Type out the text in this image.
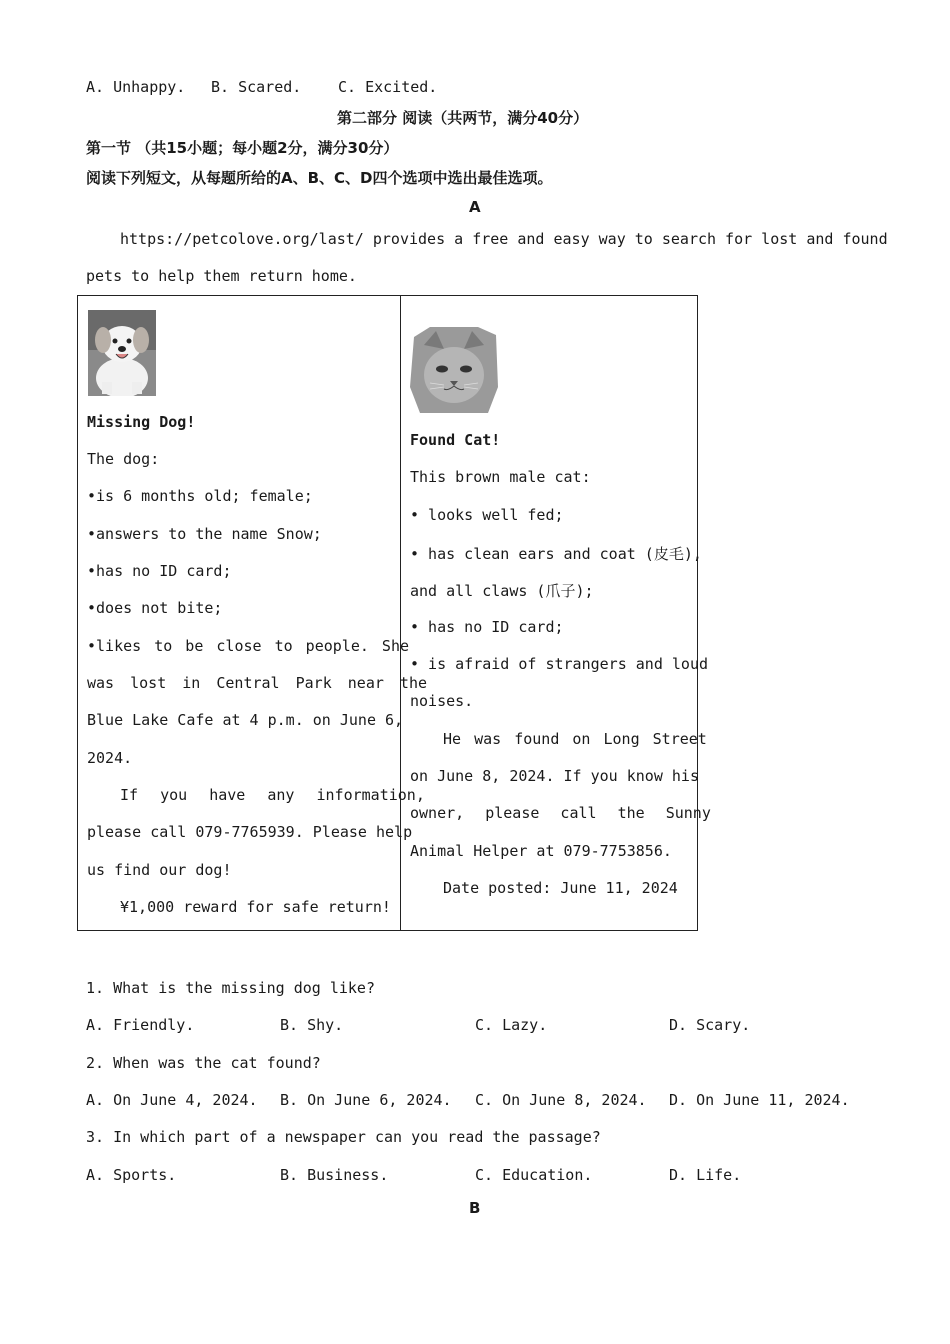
A. Unhappy. B. Scared. C. Excited.
第二部分 阅读（共两节，满分40分）
第一节 （共15小题；每小题2分，满分30分）
阅读下列短文，从每题所给的A、B、C、D四个选项中选出最佳选项。
A
https://petcolove.org/last/ provides a free and easy way to search for lost and found
pets to help them return home.
Missing Dog!
The dog:
•is 6 months old; female;
•answers to the name Snow;
•has no ID card;
•does not bite;
•likes to be close to people. She
was lost in Central Park near the
Blue Lake Cafe at 4 p.m. on June 6,
2024.
If you have any information,
please call 079-7765939. Please help
us find our dog!
¥1,000 reward for safe return!
Found Cat!
This brown male cat:
• looks well fed;
• has clean ears and coat (皮毛),
and all claws (爪子);
• has no ID card;
• is afraid of strangers and loud
noises.
He was found on Long Street
on June 8, 2024. If you know his
owner, please call the Sunny
Animal Helper at 079-7753856.
Date posted: June 11, 2024
1. What is the missing dog like?
A. Friendly.	B. Shy.	C. Lazy.	D. Scary.
2. When was the cat found?
A. On June 4, 2024. B. On June 6, 2024. C. On June 8, 2024. D. On June 11, 2024.
3. In which part of a newspaper can you read the passage?
A. Sports.	B. Business.	C. Education.	D. Life.
B
